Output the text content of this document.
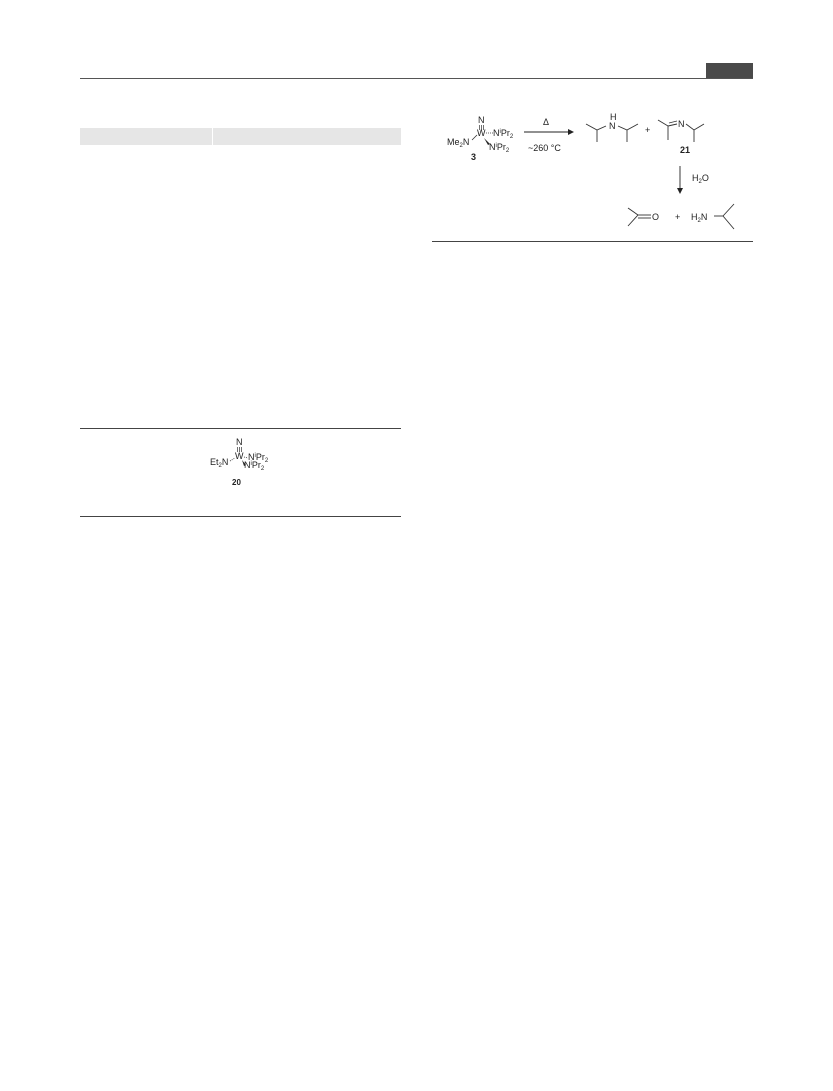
N
W
$Et_2N$ $N^iPr_2$
$N^iPr_2$
20
N
W
$Me_2N$
$N^iPr_2$
$N^iPr_2$
3
Δ
~260 °C
H
N	+
N
21
$H_2O$
$O + H_2N$
